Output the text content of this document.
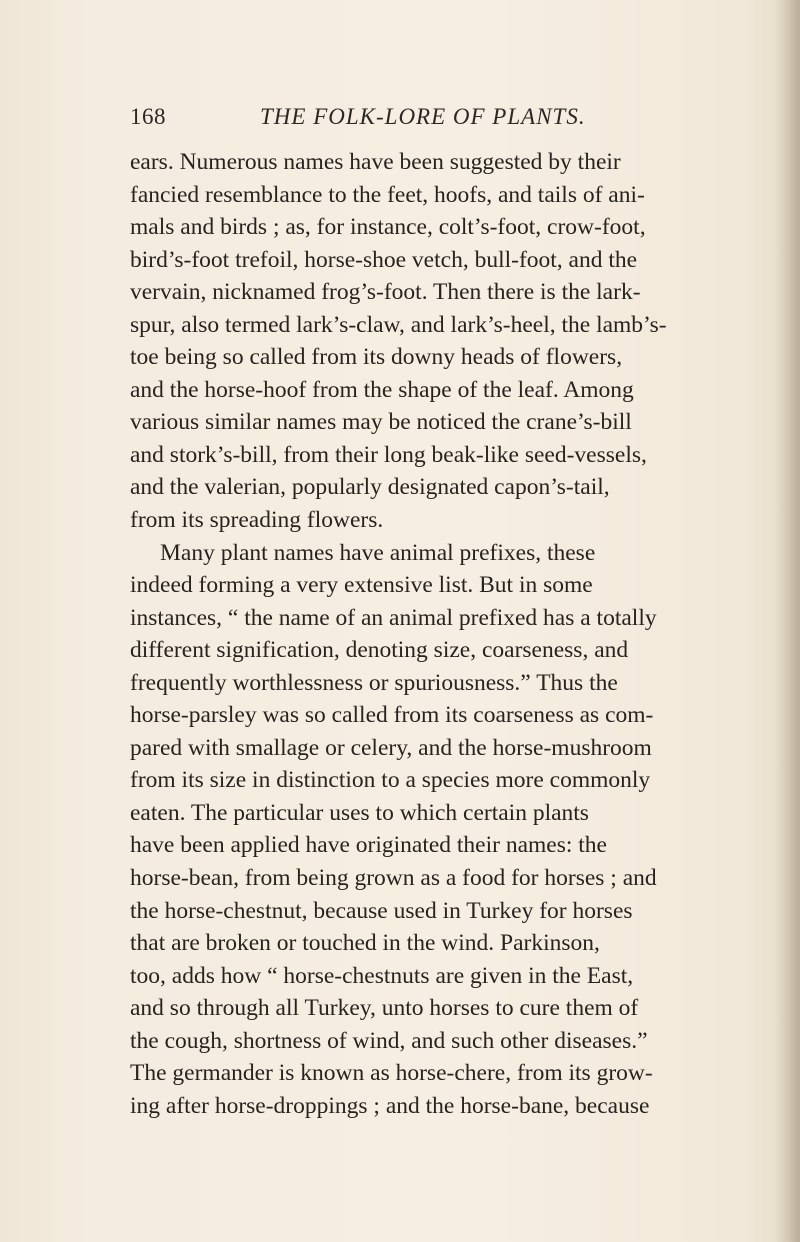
168	THE FOLK-LORE OF PLANTS.
ears. Numerous names have been suggested by their
fancied resemblance to the feet, hoofs, and tails of ani-
mals and birds ; as, for instance, colt’s-foot, crow-foot,
bird’s-foot trefoil, horse-shoe vetch, bull-foot, and the
vervain, nicknamed frog’s-foot. Then there is the lark-
spur, also termed lark’s-claw, and lark’s-heel, the lamb’s-
toe being so called from its downy heads of flowers,
and the horse-hoof from the shape of the leaf. Among
various similar names may be noticed the crane’s-bill
and stork’s-bill, from their long beak-like seed-vessels,
and the valerian, popularly designated capon’s-tail,
from its spreading flowers.
Many plant names have animal prefixes, these
indeed forming a very extensive list. But in some
instances, “ the name of an animal prefixed has a totally
different signification, denoting size, coarseness, and
frequently worthlessness or spuriousness.” Thus the
horse-parsley was so called from its coarseness as com-
pared with smallage or celery, and the horse-mushroom
from its size in distinction to a species more commonly
eaten. The particular uses to which certain plants
have been applied have originated their names: the
horse-bean, from being grown as a food for horses ; and
the horse-chestnut, because used in Turkey for horses
that are broken or touched in the wind. Parkinson,
too, adds how “ horse-chestnuts are given in the East,
and so through all Turkey, unto horses to cure them of
the cough, shortness of wind, and such other diseases.”
The germander is known as horse-chere, from its grow-
ing after horse-droppings ; and the horse-bane, because
